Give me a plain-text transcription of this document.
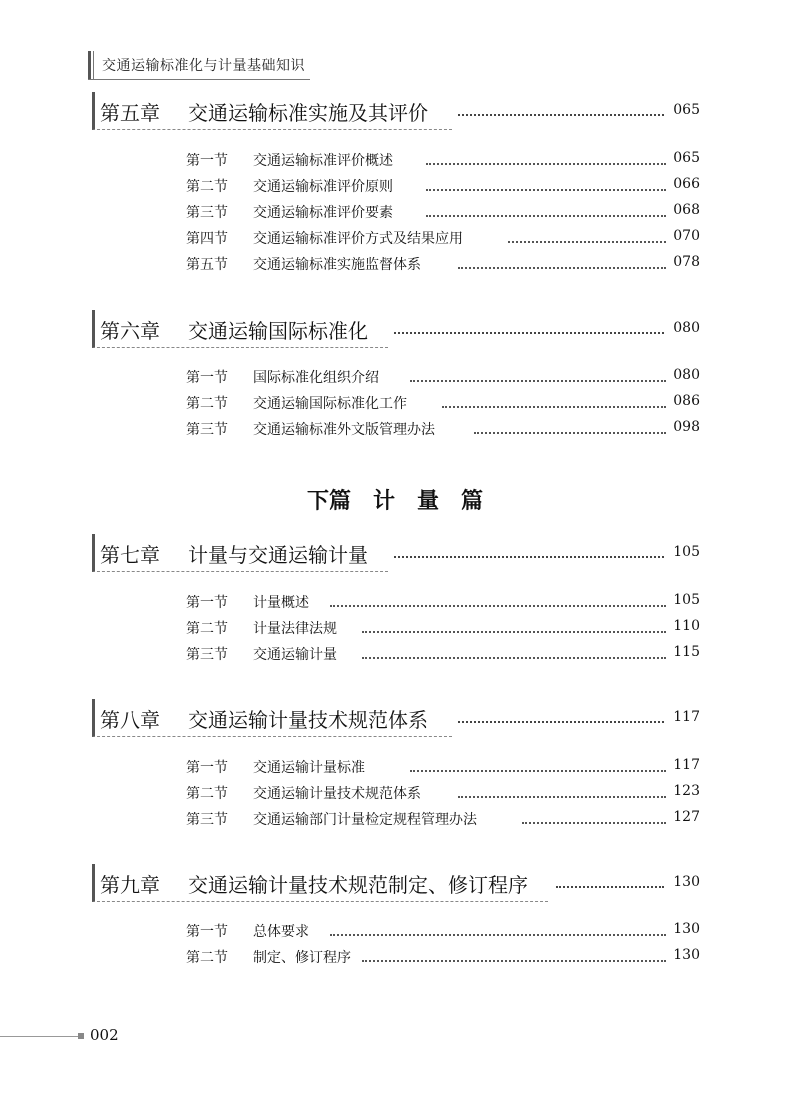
交通运输标准化与计量基础知识
第五章 交通运输标准实施及其评价	065
第一节 交通运输标准评价概述	065
第二节 交通运输标准评价原则	066
第三节 交通运输标准评价要素	068
第四节 交通运输标准评价方式及结果应用	070
第五节 交通运输标准实施监督体系	078
第六章 交通运输国际标准化	080
第一节 国际标准化组织介绍	080
第二节 交通运输国际标准化工作	086
第三节 交通运输标准外文版管理办法	098
下篇　计　量　篇
第七章 计量与交通运输计量	105
第一节 计量概述	105
第二节 计量法律法规	110
第三节 交通运输计量	115
第八章 交通运输计量技术规范体系	117
第一节 交通运输计量标准	117
第二节 交通运输计量技术规范体系	123
第三节 交通运输部门计量检定规程管理办法	127
第九章 交通运输计量技术规范制定、修订程序	130
第一节 总体要求	130
第二节 制定、修订程序	130
002
